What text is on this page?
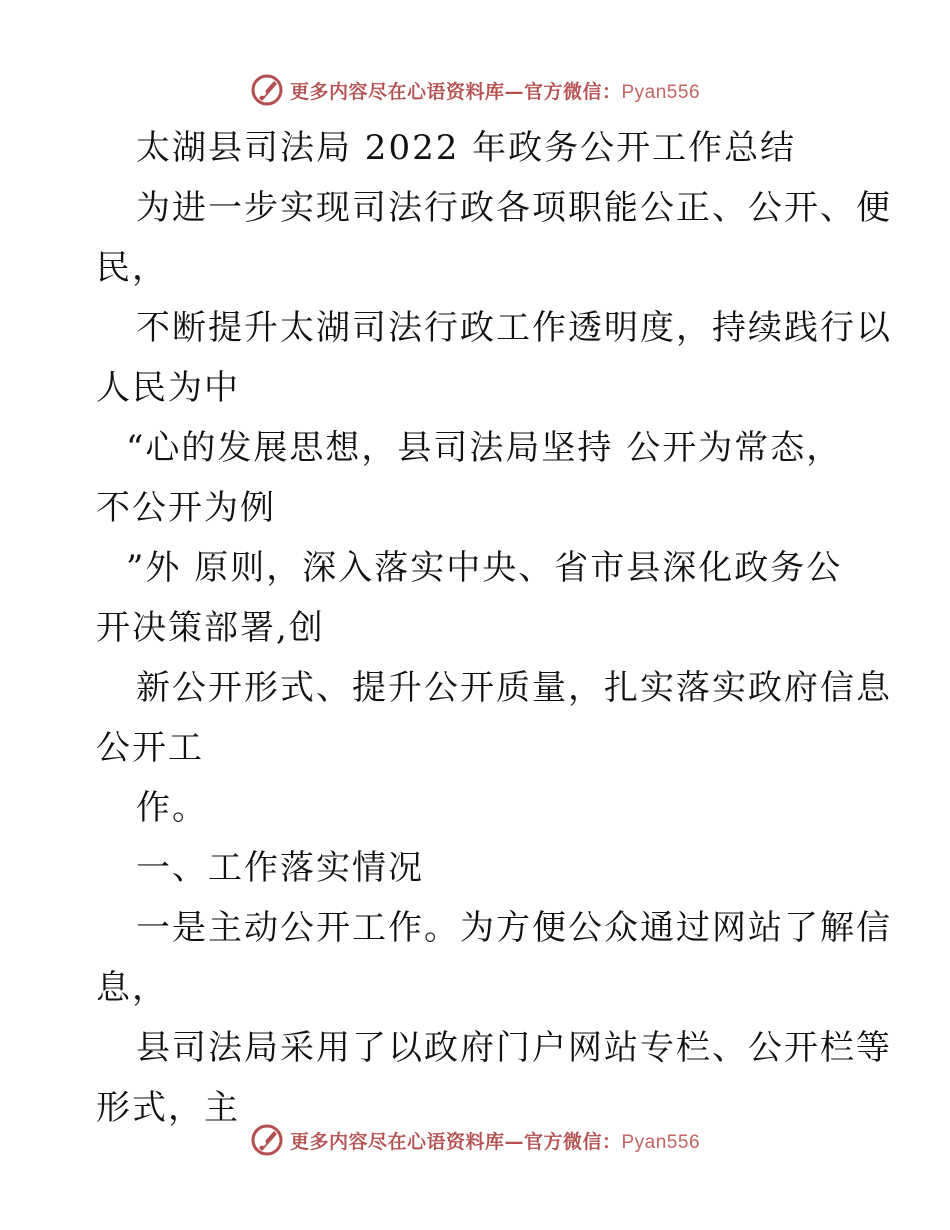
更多内容尽在心语资料库—官方微信：Pyan556
太湖县司法局 2022 年政务公开工作总结
为进一步实现司法行政各项职能公正、公开、便
民，
不断提升太湖司法行政工作透明度，持续践行以
人民为中
“心的发展思想，县司法局坚持 公开为常态，
不公开为例
”外 原则，深入落实中央、省市县深化政务公
开决策部署,创
新公开形式、提升公开质量，扎实落实政府信息
公开工
作。
一、工作落实情况
一是主动公开工作。为方便公众通过网站了解信
息，
县司法局采用了以政府门户网站专栏、公开栏等
形式，主
更多内容尽在心语资料库—官方微信：Pyan556
